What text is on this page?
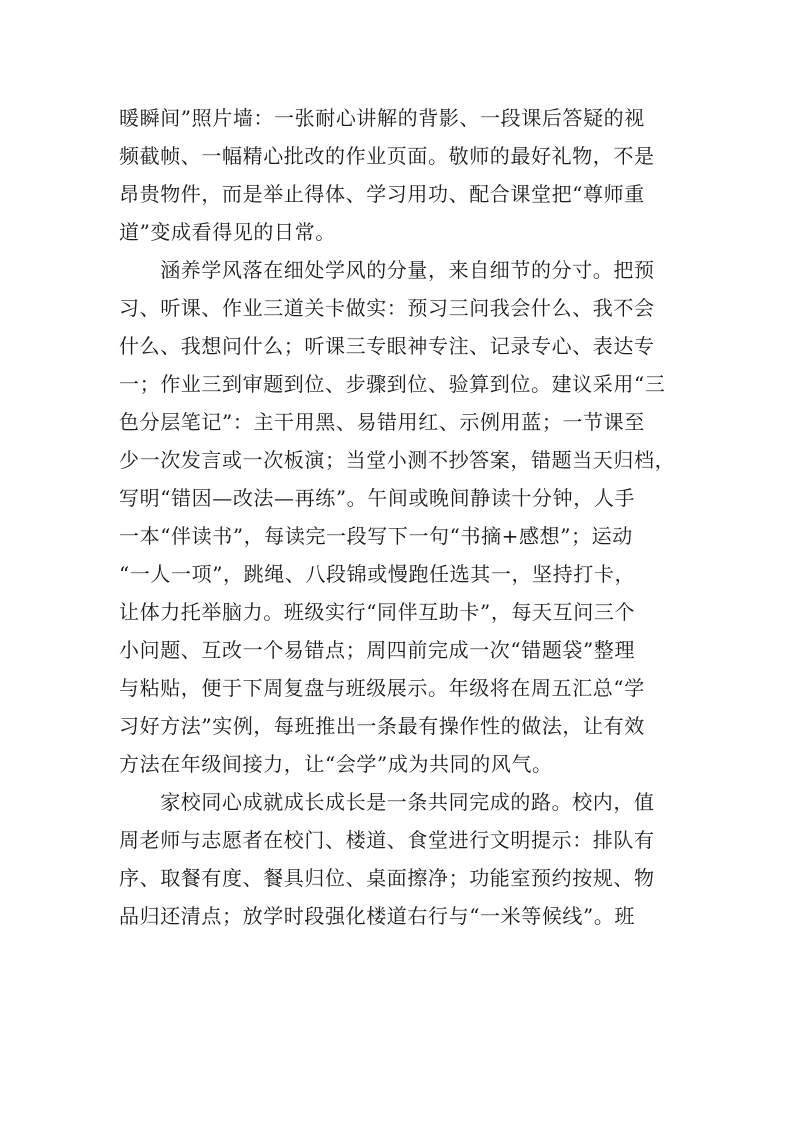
暖瞬间”照片墙：一张耐心讲解的背影、一段课后答疑的视
频截帧、一幅精心批改的作业页面。敬师的最好礼物，不是
昂贵物件，而是举止得体、学习用功、配合课堂把“尊师重
道”变成看得见的日常。

　　涵养学风落在细处学风的分量，来自细节的分寸。把预
习、听课、作业三道关卡做实：预习三问我会什么、我不会
什么、我想问什么；听课三专眼神专注、记录专心、表达专
一；作业三到审题到位、步骤到位、验算到位。建议采用“三
色分层笔记”：主干用黑、易错用红、示例用蓝；一节课至
少一次发言或一次板演；当堂小测不抄答案，错题当天归档，
写明“错因—改法—再练”。午间或晚间静读十分钟，人手
一本“伴读书”，每读完一段写下一句“书摘+感想”；运动
“一人一项”，跳绳、八段锦或慢跑任选其一，坚持打卡，
让体力托举脑力。班级实行“同伴互助卡”，每天互问三个
小问题、互改一个易错点；周四前完成一次“错题袋”整理
与粘贴，便于下周复盘与班级展示。年级将在周五汇总“学
习好方法”实例，每班推出一条最有操作性的做法，让有效
方法在年级间接力，让“会学”成为共同的风气。

　　家校同心成就成长成长是一条共同完成的路。校内，值
周老师与志愿者在校门、楼道、食堂进行文明提示：排队有
序、取餐有度、餐具归位、桌面擦净；功能室预约按规、物
品归还清点；放学时段强化楼道右行与“一米等候线”。班
